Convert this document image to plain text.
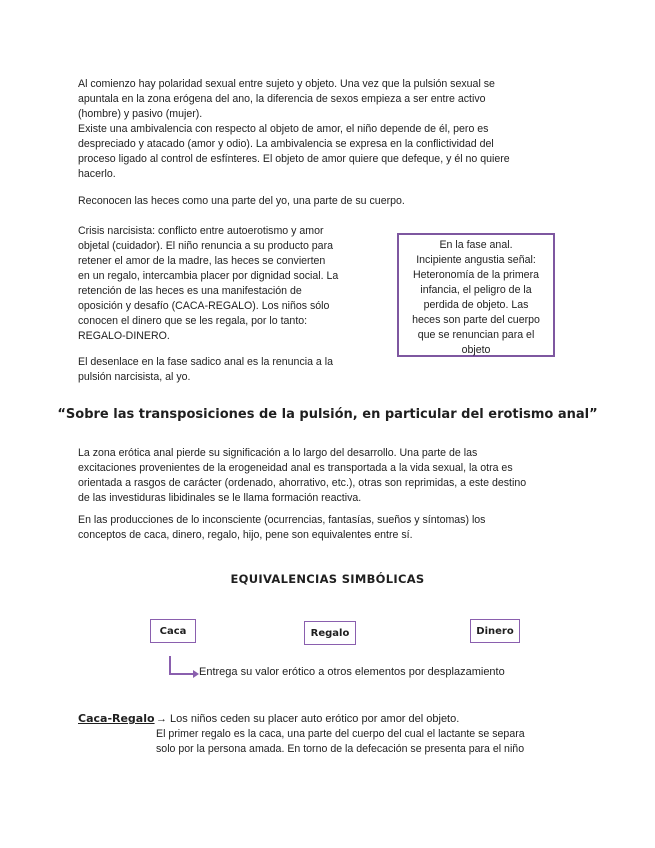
Al comienzo hay polaridad sexual entre sujeto y objeto. Una vez que la pulsión sexual se
apuntala en la zona erógena del ano, la diferencia de sexos empieza a ser entre activo
(hombre) y pasivo (mujer).
Existe una ambivalencia con respecto al objeto de amor, el niño depende de él, pero es
despreciado y atacado (amor y odio). La ambivalencia se expresa en la conflictividad del
proceso ligado al control de esfínteres. El objeto de amor quiere que defeque, y él no quiere
hacerlo.

Reconocen las heces como una parte del yo, una parte de su cuerpo.

Crisis narcisista: conflicto entre autoerotismo y amor
objetal (cuidador). El niño renuncia a su producto para
retener el amor de la madre, las heces se convierten
en un regalo, intercambia placer por dignidad social. La
retención de las heces es una manifestación de
oposición y desafío (CACA-REGALO). Los niños sólo
conocen el dinero que se les regala, por lo tanto:
REGALO-DINERO.

El desenlace en la fase sadico anal es la renuncia a la
pulsión narcisista, al yo.

En la fase anal.
Incipiente angustia señal:
Heteronomía de la primera
infancia, el peligro de la
perdida de objeto. Las
heces son parte del cuerpo
que se renuncian para el
objeto
“Sobre las transposiciones de la pulsión, en particular del erotismo anal”

La zona erótica anal pierde su significación a lo largo del desarrollo. Una parte de las
excitaciones provenientes de la erogeneidad anal es transportada a la vida sexual, la otra es
orientada a rasgos de carácter (ordenado, ahorrativo, etc.), otras son reprimidas, a este destino
de las investiduras libidinales se le llama formación reactiva.

En las producciones de lo inconsciente (ocurrencias, fantasías, sueños y síntomas) los
conceptos de caca, dinero, regalo, hijo, pene son equivalentes entre sí.

EQUIVALENCIAS SIMBÓLICAS
Caca	Regalo	Dinero
Entrega su valor erótico a otros elementos por desplazamiento
Caca-Regalo → Los niños ceden su placer auto erótico por amor del objeto.
El primer regalo es la caca, una parte del cuerpo del cual el lactante se separa
solo por la persona amada. En torno de la defecación se presenta para el niño
